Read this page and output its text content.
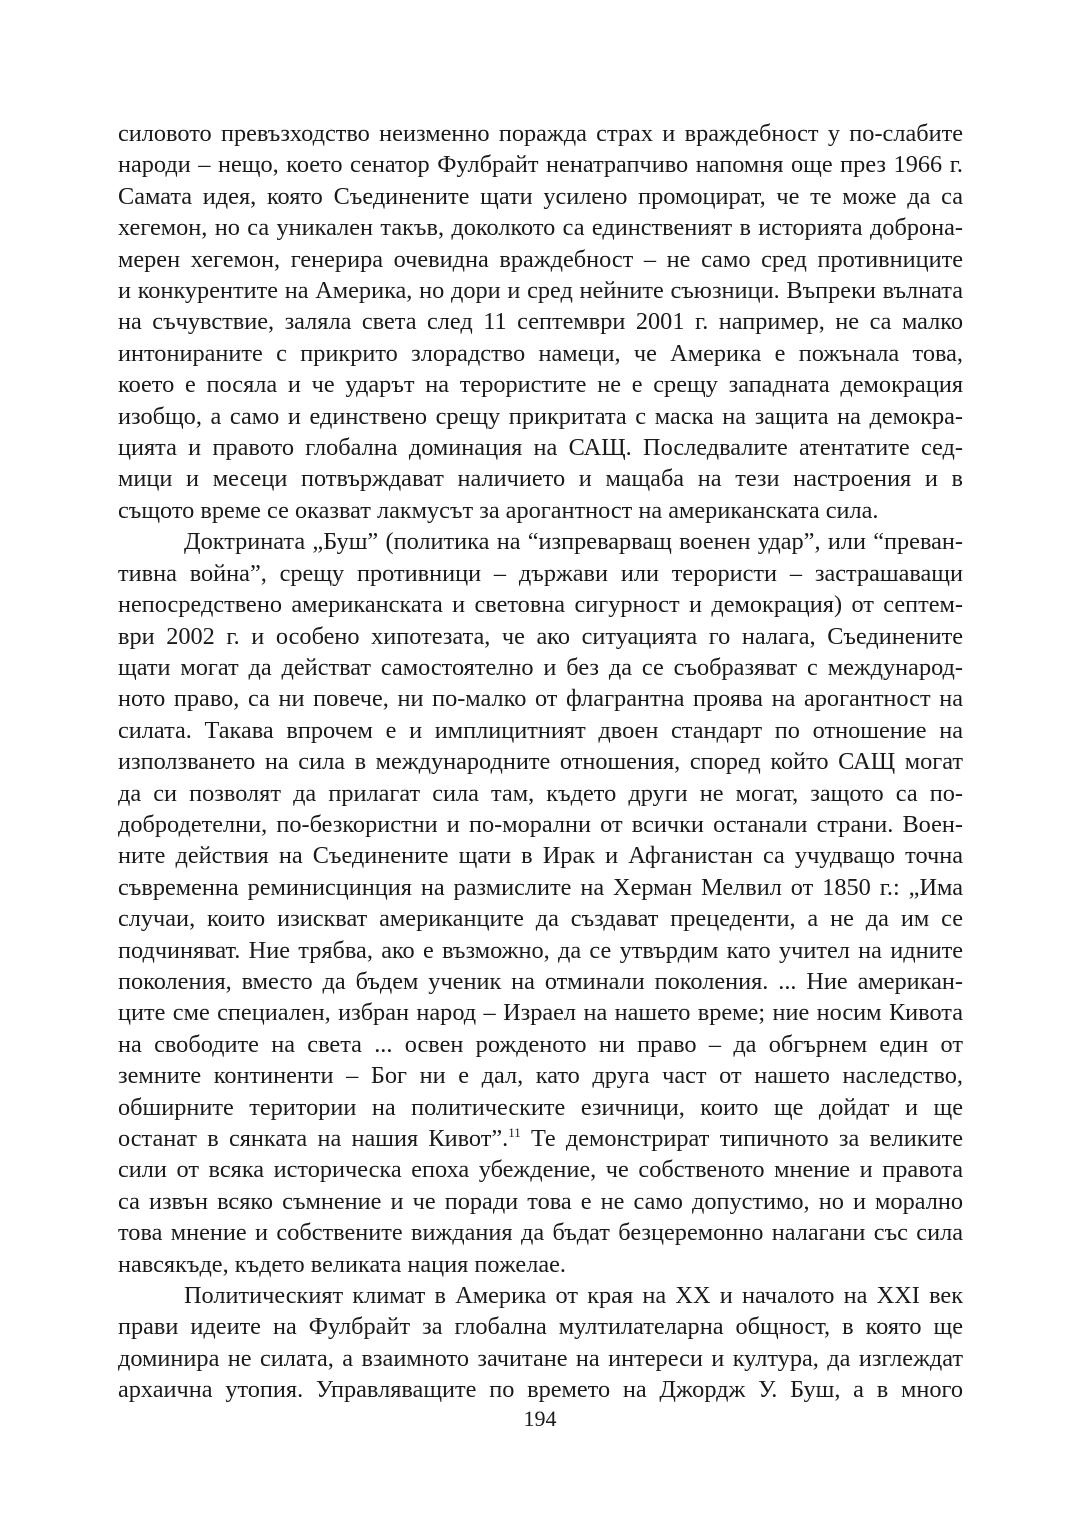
силовото превъзходство неизменно поражда страх и враждебност у по-слабите
народи – нещо, което сенатор Фулбрайт ненатрапчиво напомня още през 1966 г.
Самата идея, която Съединените щати усилено промоцират, че те може да са
хегемон, но са уникален такъв, доколкото са единственият в историята доброна-
мерен хегемон, генерира очевидна враждебност – не само сред противниците
и конкурентите на Америка, но дори и сред нейните съюзници. Въпреки вълната
на съчувствие, заляла света след 11 септември 2001 г. например, не са малко
интонираните с прикрито злорадство намеци, че Америка е пожънала това,
което е посяла и че ударът на терористите не е срещу западната демокрация
изобщо, а само и единствено срещу прикритата с маска на защита на демокра-
цията и правото глобална доминация на САЩ. Последвалите атентатите сед-
мици и месеци потвърждават наличието и мащаба на тези настроения и в
същото време се оказват лакмусът за арогантност на американската сила.

Доктрината „Буш” (политика на “изпреварващ военен удар”, или “преван-
тивна война”, срещу противници – държави или терористи – застрашаващи
непосредствено американската и световна сигурност и демокрация) от септем-
ври 2002 г. и особено хипотезата, че ако ситуацията го налага, Съединените
щати могат да действат самостоятелно и без да се съобразяват с международ-
ното право, са ни повече, ни по-малко от флагрантна проява на арогантност на
силата. Такава впрочем е и имплицитният двоен стандарт по отношение на
използването на сила в международните отношения, според който САЩ могат
да си позволят да прилагат сила там, където други не могат, защото са по-
добродетелни, по-безкористни и по-морални от всички останали страни. Воен-
ните действия на Съединените щати в Ирак и Афганистан са учудващо точна
съвременна реминисцинция на размислите на Херман Мелвил от 1850 г.: „Има
случаи, които изискват американците да създават прецеденти, а не да им се
подчиняват. Ние трябва, ако е възможно, да се утвърдим като учител на идните
поколения, вместо да бъдем ученик на отминали поколения. ... Ние американ-
ците сме специален, избран народ – Израел на нашето време; ние носим Кивота
на свободите на света ... освен рожденото ни право – да обгърнем един от
земните континенти – Бог ни е дал, като друга част от нашето наследство,
обширните територии на политическите езичници, които ще дойдат и ще
останат в сянката на нашия Кивот”.$^{11}$ Те демонстрират типичното за великите
сили от всяка историческа епоха убеждение, че собственото мнение и правота
са извън всяко съмнение и че поради това е не само допустимо, но и морално
това мнение и собствените виждания да бъдат безцеремонно налагани със сила
навсякъде, където великата нация пожелае.

Политическият климат в Америка от края на XX и началото на XXI век
прави идеите на Фулбрайт за глобална мултилателарна общност, в която ще
доминира не силата, а взаимното зачитане на интереси и култура, да изглеждат
архаична утопия. Управляващите по времето на Джордж У. Буш, а в много

194
